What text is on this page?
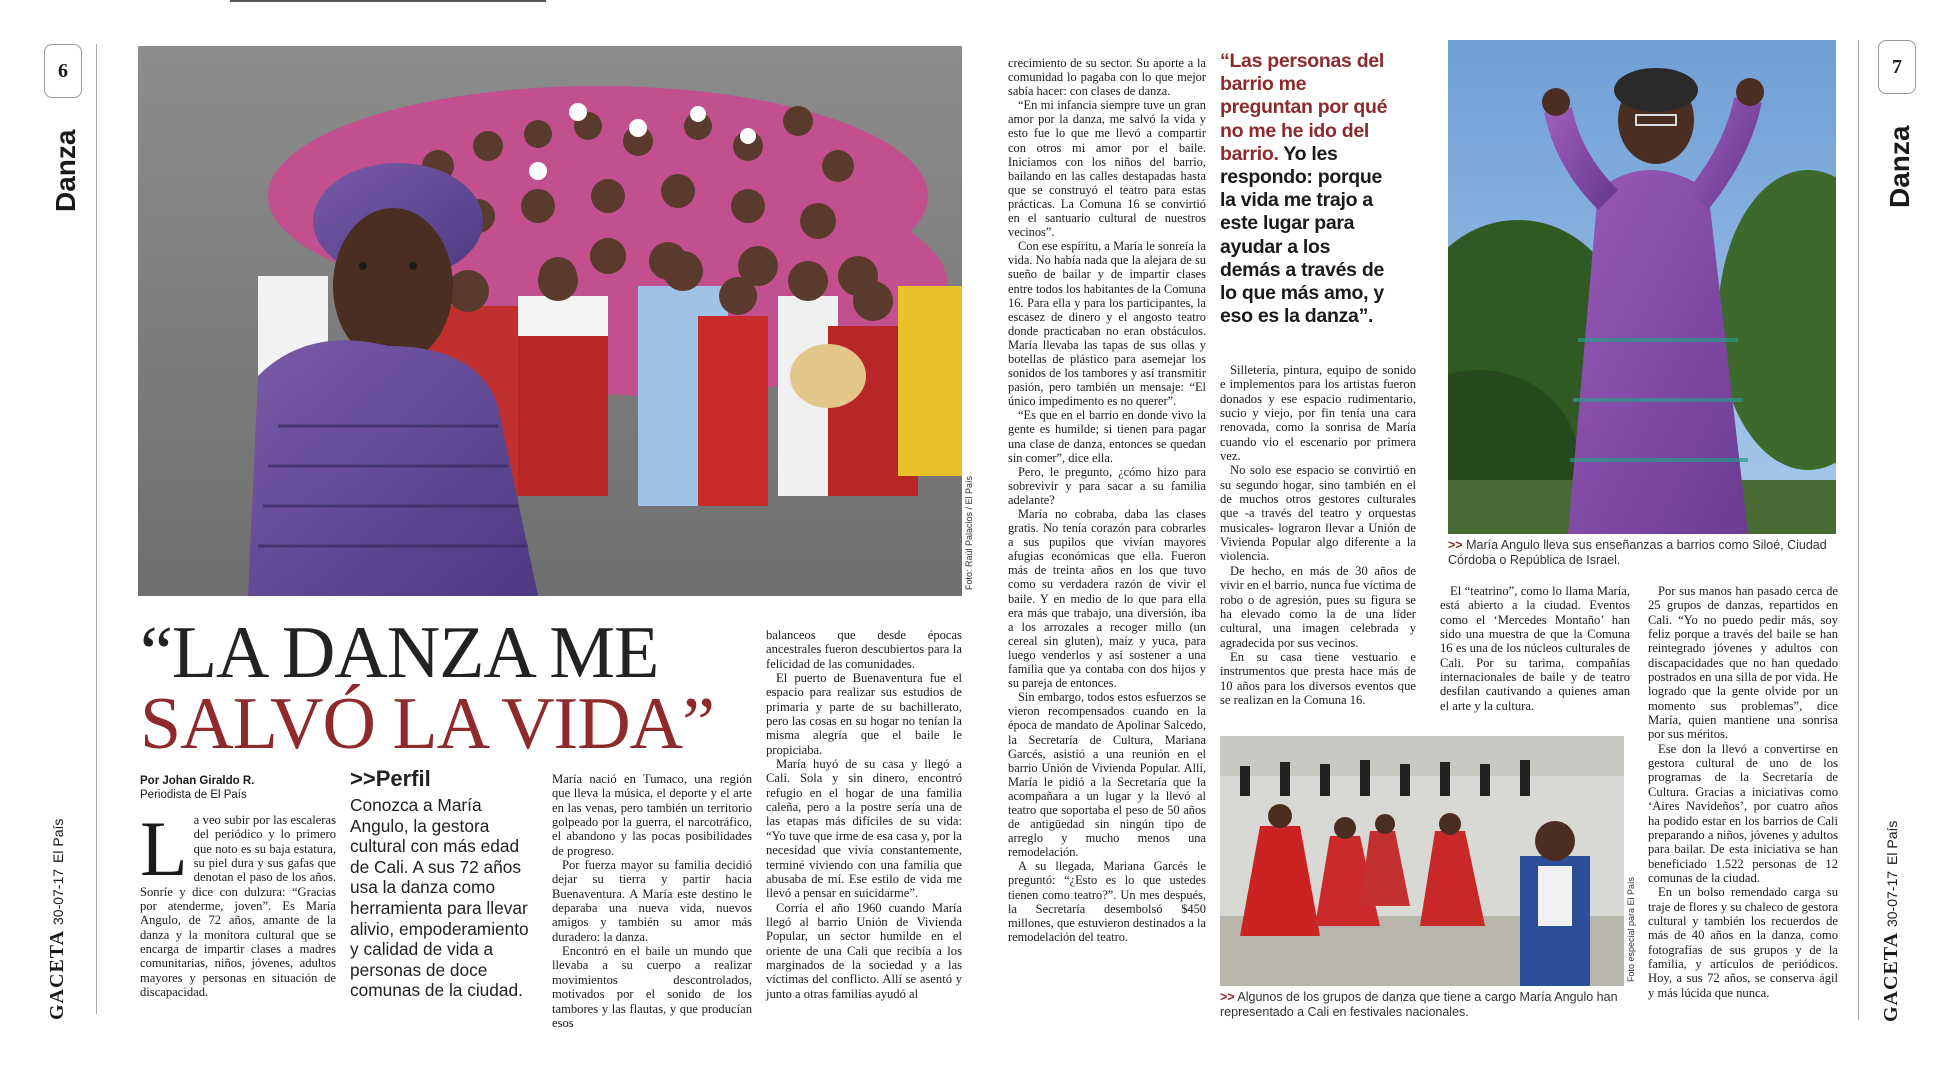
6
Danza
GACETA 30-07-17 El País
Foto: Raúl Palacios / El País
“LA DANZA ME
SALVÓ LA VIDA”
Por Johan Giraldo R.
Periodista de El País

La veo subir por las escaleras del periódico y lo primero que noto es su baja estatura, su piel dura y sus gafas que denotan el paso de los años. Sonríe y dice con dulzura: “Gracias por atenderme, joven”. Es María Angulo, de 72 años, amante de la danza y la monitora cultural que se encarga de impartir clases a madres comunitarias, niños, jóvenes, adultos mayores y personas en situación de discapacidad.

>>Perfil
Conozca a María Angulo, la gestora cultural con más edad de Cali. A sus 72 años usa la danza como herramienta para llevar alivio, empoderamiento y calidad de vida a personas de doce comunas de la ciudad.

María nació en Tumaco, una región que lleva la música, el deporte y el arte en las venas, pero también un territorio golpeado por la guerra, el narcotráfico, el abandono y las pocas posibilidades de progreso.

Por fuerza mayor su familia decidió dejar su tierra y partir hacia Buenaventura. A María este destino le deparaba una nueva vida, nuevos amigos y también su amor más duradero: la danza.

Encontró en el baile un mundo que llevaba a su cuerpo a realizar movimientos descontrolados, motivados por el sonido de los tambores y las flautas, y que producían esos

balanceos que desde épocas ancestrales fueron descubiertos para la felicidad de las comunidades.

El puerto de Buenaventura fue el espacio para realizar sus estudios de primaria y parte de su bachillerato, pero las cosas en su hogar no tenían la misma alegría que el baile le propiciaba.

María huyó de su casa y llegó a Cali. Sola y sin dinero, encontró refugio en el hogar de una familia caleña, pero a la postre sería una de las etapas más difíciles de su vida: “Yo tuve que irme de esa casa y, por la necesidad que vivía constantemente, terminé viviendo con una familia que abusaba de mí. Ese estilo de vida me llevó a pensar en suicidarme”.

Corría el año 1960 cuando María llegó al barrio Unión de Vivienda Popular, un sector humilde en el oriente de una Cali que recibía a los marginados de la sociedad y a las víctimas del conflicto. Allí se asentó y junto a otras familias ayudó al

crecimiento de su sector. Su aporte a la comunidad lo pagaba con lo que mejor sabía hacer: con clases de danza.

“En mi infancia siempre tuve un gran amor por la danza, me salvó la vida y esto fue lo que me llevó a compartir con otros mi amor por el baile. Iniciamos con los niños del barrio, bailando en las calles destapadas hasta que se construyó el teatro para estas prácticas. La Comuna 16 se convirtió en el santuario cultural de nuestros vecinos”.

Con ese espíritu, a María le sonreía la vida. No había nada que la alejara de su sueño de bailar y de impartir clases entre todos los habitantes de la Comuna 16. Para ella y para los participantes, la escasez de dinero y el angosto teatro donde practicaban no eran obstáculos. María llevaba las tapas de sus ollas y botellas de plástico para asemejar los sonidos de los tambores y así transmitir pasión, pero también un mensaje: “El único impedimento es no querer”.

“Es que en el barrio en donde vivo la gente es humilde; si tienen para pagar una clase de danza, entonces se quedan sin comer”, dice ella.

Pero, le pregunto, ¿cómo hizo para sobrevivir y para sacar a su familia adelante?

María no cobraba, daba las clases gratis. No tenía corazón para cobrarles a sus pupilos que vivían mayores afugias económicas que ella. Fueron más de treinta años en los que tuvo como su verdadera razón de vivir el baile. Y en medio de lo que para ella era más que trabajo, una diversión, iba a los arrozales a recoger millo (un cereal sin gluten), maíz y yuca, para luego venderlos y así sostener a una familia que ya contaba con dos hijos y su pareja de entonces.

Sin embargo, todos estos esfuerzos se vieron recompensados cuando en la época de mandato de Apolinar Salcedo, la Secretaría de Cultura, Mariana Garcés, asistió a una reunión en el barrio Unión de Vivienda Popular. Allí, María le pidió a la Secretaría que la acompañara a un lugar y la llevó al teatro que soportaba el peso de 50 años de antigüedad sin ningún tipo de arreglo y mucho menos una remodelación.

A su llegada, Mariana Garcés le preguntó: “¿Esto es lo que ustedes tienen como teatro?”. Un mes después, la Secretaría desembolsó $450 millones, que estuvieron destinados a la remodelación del teatro.

“Las personas del barrio me preguntan por qué no me he ido del barrio. Yo les respondo: porque la vida me trajo a este lugar para ayudar a los demás a través de lo que más amo, y eso es la danza”.

Silletería, pintura, equipo de sonido e implementos para los artistas fueron donados y ese espacio rudimentario, sucio y viejo, por fin tenía una cara renovada, como la sonrisa de María cuando vio el escenario por primera vez.

No solo ese espacio se convirtió en su segundo hogar, sino también en el de muchos otros gestores culturales que -a través del teatro y orquestas musicales- lograron llevar a Unión de Vivienda Popular algo diferente a la violencia.

De hecho, en más de 30 años de vivir en el barrio, nunca fue víctima de robo o de agresión, pues su figura se ha elevado como la de una líder cultural, una imagen celebrada y agradecida por sus vecinos.

En su casa tiene vestuario e instrumentos que presta hace más de 10 años para los diversos eventos que se realizan en la Comuna 16.

>> María Angulo lleva sus enseñanzas a barrios como Siloé, Ciudad Córdoba o República de Israel.

El “teatrino”, como lo llama María, está abierto a la ciudad. Eventos como el ‘Mercedes Montaño’ han sido una muestra de que la Comuna 16 es una de los núcleos culturales de Cali. Por su tarima, compañías internacionales de baile y de teatro desfilan cautivando a quienes aman el arte y la cultura.

Por sus manos han pasado cerca de 25 grupos de danzas, repartidos en Cali. “Yo no puedo pedir más, soy feliz porque a través del baile se han reintegrado jóvenes y adultos con discapacidades que no han quedado postrados en una silla de por vida. He logrado que la gente olvide por un momento sus problemas”, dice María, quien mantiene una sonrisa por sus méritos.

Ese don la llevó a convertirse en gestora cultural de uno de los programas de la Secretaría de Cultura. Gracias a iniciativas como ‘Aires Navideños’, por cuatro años ha podido estar en los barrios de Cali preparando a niños, jóvenes y adultos para bailar. De esta iniciativa se han beneficiado 1.522 personas de 12 comunas de la ciudad.

En un bolso remendado carga su traje de flores y su chaleco de gestora cultural y también los recuerdos de más de 40 años en la danza, como fotografías de sus grupos y de la familia, y artículos de periódicos. Hoy, a sus 72 años, se conserva ágil y más lúcida que nunca.

Foto especial para El País
>> Algunos de los grupos de danza que tiene a cargo María Angulo han representado a Cali en festivales nacionales.
7
Danza
GACETA 30-07-17 El País
